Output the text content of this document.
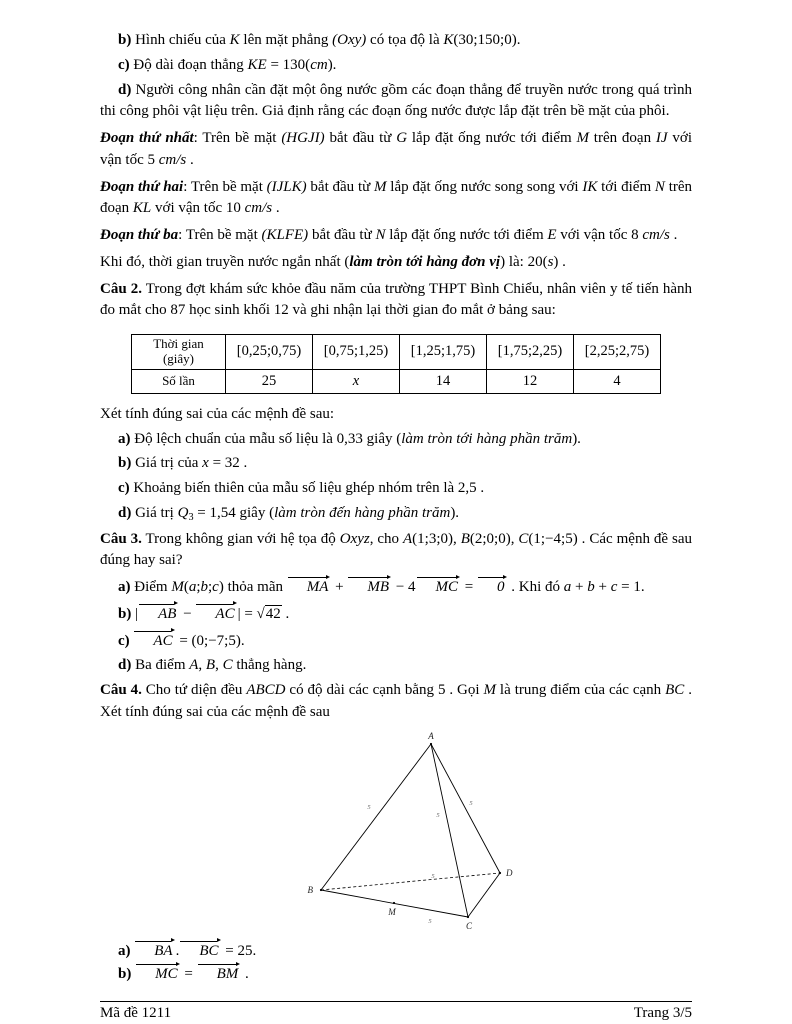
b) Hình chiếu của K lên mặt phẳng (Oxy) có tọa độ là K(30;150;0).

c) Độ dài đoạn thẳng KE = 130(cm).

d) Người công nhân cần đặt một ông nước gồm các đoạn thẳng để truyền nước trong quá trình thi công phôi vật liệu trên. Giả định rằng các đoạn ống nước được lắp đặt trên bề mặt của phôi.

Đoạn thứ nhất: Trên bề mặt (HGJI) bắt đầu từ G lắp đặt ống nước tới điểm M trên đoạn IJ với vận tốc 5 cm/s .

Đoạn thứ hai: Trên bề mặt (IJLK) bắt đầu từ M lắp đặt ống nước song song với IK tới điểm N trên đoạn KL với vận tốc 10 cm/s .

Đoạn thứ ba: Trên bề mặt (KLFE) bắt đầu từ N lắp đặt ống nước tới điểm E với vận tốc 8 cm/s .

Khi đó, thời gian truyền nước ngắn nhất (làm tròn tới hàng đơn vị) là: 20(s) .

Câu 2. Trong đợt khám sức khỏe đầu năm của trường THPT Bình Chiểu, nhân viên y tế tiến hành đo mắt cho 87 học sinh khối 12 và ghi nhận lại thời gian đo mắt ở bảng sau:

Thời gian (giây)	[0,25;0,75)	[0,75;1,25)	[1,25;1,75)	[1,75;2,25)	[2,25;2,75)
Số lần	25	x	14	12	4

Xét tính đúng sai của các mệnh đề sau:

a) Độ lệch chuẩn của mẫu số liệu là 0,33 giây (làm tròn tới hàng phần trăm).

b) Giá trị của x = 32 .

c) Khoảng biến thiên của mẫu số liệu ghép nhóm trên là 2,5 .

d) Giá trị $Q_3 = 1,54$ giây (làm tròn đến hàng phần trăm).

Câu 3. Trong không gian với hệ tọa độ Oxyz, cho A(1;3;0), B(2;0;0), C(1;−4;5) . Các mệnh đề sau đúng hay sai?

a) Điểm M(a;b;c) thỏa mãn MA + MB − 4 MC = 0 . Khi đó a + b + c = 1.

b) | AB − AC | = √42 .

c) AC = (0;−7;5).

d) Ba điểm A, B, C thẳng hàng.

Câu 4. Cho tứ diện đều ABCD có độ dài các cạnh bằng 5 . Gọi M là trung điểm của các cạnh BC . Xét tính đúng sai của các mệnh đề sau

A
B
C
D
M
5
5
5
5
5

a) BA . BC = 25.

b) MC = BM .

Mã đề 1211	Trang 3/5
